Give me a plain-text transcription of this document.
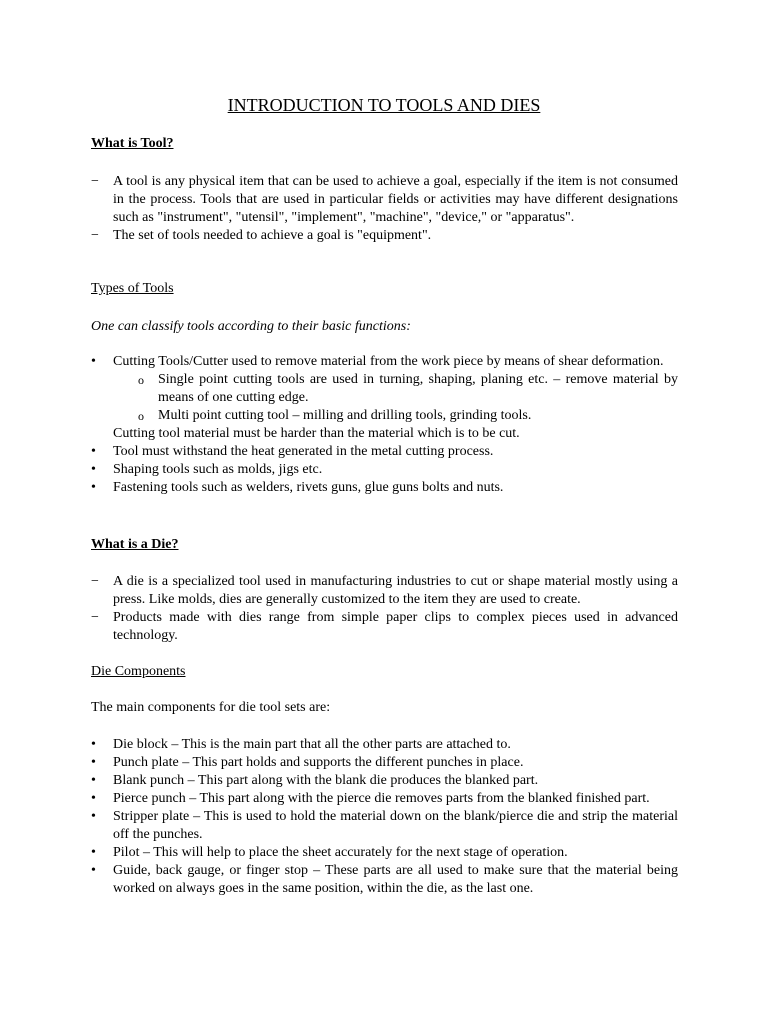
INTRODUCTION TO TOOLS AND DIES
What is Tool?
− A tool is any physical item that can be used to achieve a goal, especially if the item is not consumed in the process. Tools that are used in particular fields or activities may have different designations such as "instrument", "utensil", "implement", "machine", "device," or "apparatus".
− The set of tools needed to achieve a goal is "equipment".
Types of Tools

One can classify tools according to their basic functions:

• Cutting Tools/Cutter used to remove material from the work piece by means of shear deformation.
o Single point cutting tools are used in turning, shaping, planing etc. – remove material by means of one cutting edge.
o Multi point cutting tool – milling and drilling tools, grinding tools.
Cutting tool material must be harder than the material which is to be cut.
• Tool must withstand the heat generated in the metal cutting process.
• Shaping tools such as molds, jigs etc.
• Fastening tools such as welders, rivets guns, glue guns bolts and nuts.
What is a Die?
− A die is a specialized tool used in manufacturing industries to cut or shape material mostly using a press. Like molds, dies are generally customized to the item they are used to create.
− Products made with dies range from simple paper clips to complex pieces used in advanced technology.
Die Components

The main components for die tool sets are:

• Die block – This is the main part that all the other parts are attached to.
• Punch plate – This part holds and supports the different punches in place.
• Blank punch – This part along with the blank die produces the blanked part.
• Pierce punch – This part along with the pierce die removes parts from the blanked finished part.
• Stripper plate – This is used to hold the material down on the blank/pierce die and strip the material off the punches.
• Pilot – This will help to place the sheet accurately for the next stage of operation.
• Guide, back gauge, or finger stop – These parts are all used to make sure that the material being worked on always goes in the same position, within the die, as the last one.
